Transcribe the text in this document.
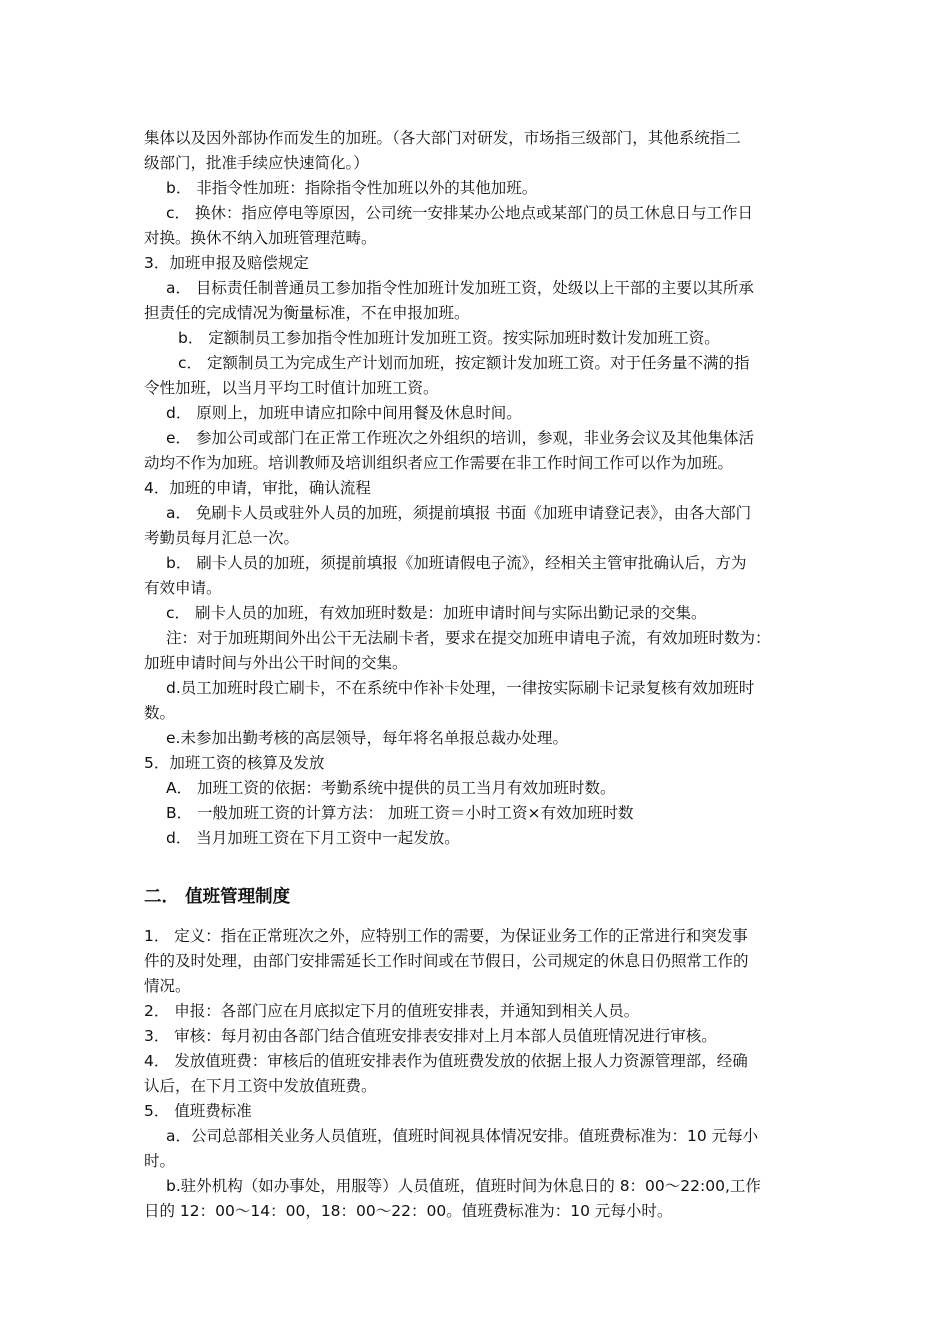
集体以及因外部协作而发生的加班。（各大部门对研发，市场指三级部门，其他系统指二
级部门，批准手续应快速简化。）
b． 非指令性加班：指除指令性加班以外的其他加班。
c． 换休：指应停电等原因，公司统一安排某办公地点或某部门的员工休息日与工作日
对换。换休不纳入加班管理范畴。
3．加班申报及赔偿规定
a． 目标责任制普通员工参加指令性加班计发加班工资，处级以上干部的主要以其所承
担责任的完成情况为衡量标准，不在申报加班。
b． 定额制员工参加指令性加班计发加班工资。按实际加班时数计发加班工资。
c． 定额制员工为完成生产计划而加班，按定额计发加班工资。对于任务量不满的指
令性加班，以当月平均工时值计加班工资。
d． 原则上，加班申请应扣除中间用餐及休息时间。
e． 参加公司或部门在正常工作班次之外组织的培训，参观，非业务会议及其他集体活
动均不作为加班。培训教师及培训组织者应工作需要在非工作时间工作可以作为加班。
4．加班的申请，审批，确认流程
a． 免刷卡人员或驻外人员的加班，须提前填报 书面《加班申请登记表》，由各大部门
考勤员每月汇总一次。
b． 刷卡人员的加班，须提前填报《加班请假电子流》，经相关主管审批确认后，方为
有效申请。
c． 刷卡人员的加班，有效加班时数是：加班申请时间与实际出勤记录的交集。
注：对于加班期间外出公干无法刷卡者，要求在提交加班申请电子流，有效加班时数为：
加班申请时间与外出公干时间的交集。
d.员工加班时段亡刷卡，不在系统中作补卡处理，一律按实际刷卡记录复核有效加班时
数。
e.未参加出勤考核的高层领导，每年将名单报总裁办处理。
5．加班工资的核算及发放
A． 加班工资的依据：考勤系统中提供的员工当月有效加班时数。
B． 一般加班工资的计算方法： 加班工资＝小时工资×有效加班时数
d． 当月加班工资在下月工资中一起发放。
二． 值班管理制度
1． 定义：指在正常班次之外，应特别工作的需要，为保证业务工作的正常进行和突发事
件的及时处理，由部门安排需延长工作时间或在节假日，公司规定的休息日仍照常工作的
情况。
2． 申报：各部门应在月底拟定下月的值班安排表，并通知到相关人员。
3． 审核：每月初由各部门结合值班安排表安排对上月本部人员值班情况进行审核。
4． 发放值班费：审核后的值班安排表作为值班费发放的依据上报人力资源管理部，经确
认后，在下月工资中发放值班费。
5． 值班费标准
a．公司总部相关业务人员值班，值班时间视具体情况安排。值班费标准为：10 元每小
时。
b.驻外机构（如办事处，用服等）人员值班，值班时间为休息日的 8：00～22:00,工作
日的 12：00～14：00，18：00～22：00。值班费标准为：10 元每小时。
